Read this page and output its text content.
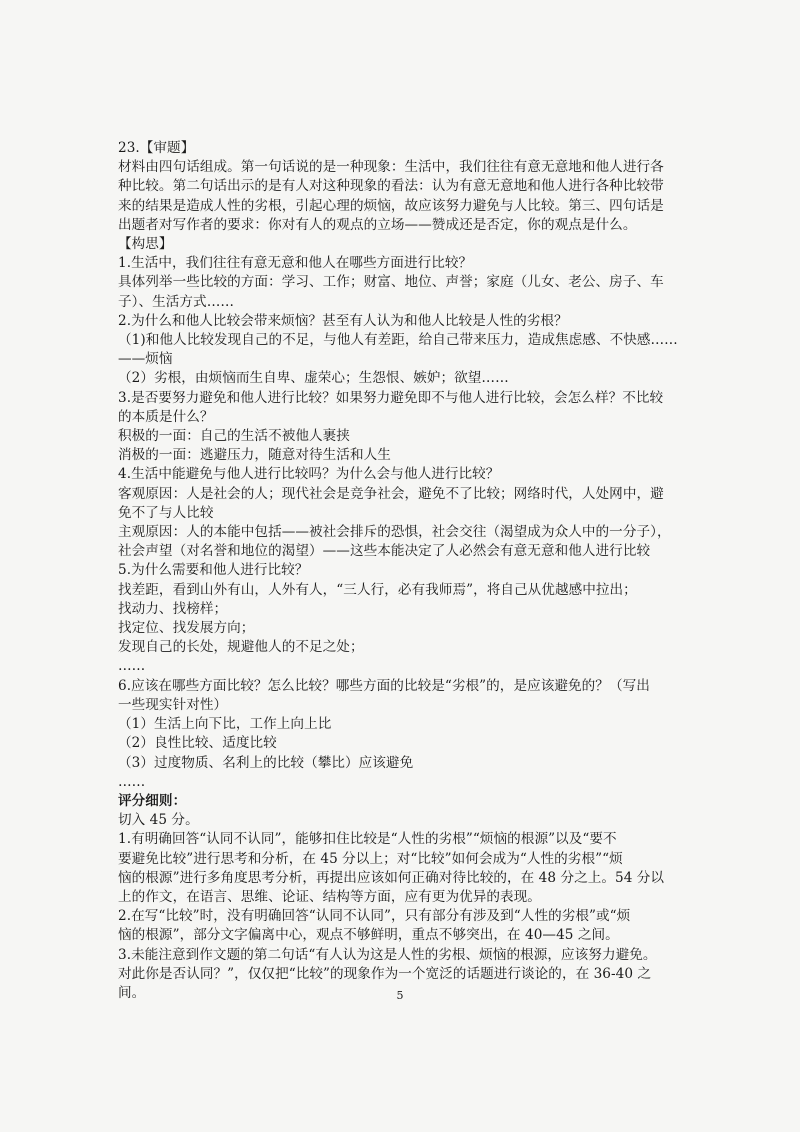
23.【审题】
材料由四句话组成。第一句话说的是一种现象：生活中，我们往往有意无意地和他人进行各
种比较。第二句话出示的是有人对这种现象的看法：认为有意无意地和他人进行各种比较带
来的结果是造成人性的劣根，引起心理的烦恼，故应该努力避免与人比较。第三、四句话是
出题者对写作者的要求：你对有人的观点的立场——赞成还是否定，你的观点是什么。
【构思】
1.生活中，我们往往有意无意和他人在哪些方面进行比较？
具体列举一些比较的方面：学习、工作；财富、地位、声誉；家庭（儿女、老公、房子、车
子）、生活方式……
2.为什么和他人比较会带来烦恼？甚至有人认为和他人比较是人性的劣根？
（1)和他人比较发现自己的不足，与他人有差距，给自己带来压力，造成焦虑感、不快感……
——烦恼
（2）劣根，由烦恼而生自卑、虚荣心；生怨恨、嫉妒；欲望……
3.是否要努力避免和他人进行比较？如果努力避免即不与他人进行比较，会怎么样？不比较
的本质是什么？
积极的一面：自己的生活不被他人裹挟
消极的一面：逃避压力，随意对待生活和人生
4.生活中能避免与他人进行比较吗？为什么会与他人进行比较？
客观原因：人是社会的人；现代社会是竞争社会，避免不了比较；网络时代，人处网中，避
免不了与人比较
主观原因：人的本能中包括——被社会排斥的恐惧，社会交往（渴望成为众人中的一分子），
社会声望（对名誉和地位的渴望）——这些本能决定了人必然会有意无意和他人进行比较
5.为什么需要和他人进行比较？
找差距，看到山外有山，人外有人，“三人行，必有我师焉”，将自己从优越感中拉出；
找动力、找榜样；
找定位、找发展方向；
发现自己的长处，规避他人的不足之处；
……
6.应该在哪些方面比较？怎么比较？哪些方面的比较是“劣根”的，是应该避免的？（写出
一些现实针对性）
（1）生活上向下比，工作上向上比
（2）良性比较、适度比较
（3）过度物质、名利上的比较（攀比）应该避免
……
评分细则：
切入 45 分。
1.有明确回答“认同不认同”，能够扣住比较是“人性的劣根”“烦恼的根源”以及“要不
要避免比较”进行思考和分析，在 45 分以上；对“比较”如何会成为“人性的劣根”“烦
恼的根源”进行多角度思考分析，再提出应该如何正确对待比较的，在 48 分之上。54 分以
上的作文，在语言、思维、论证、结构等方面，应有更为优异的表现。
2.在写“比较”时，没有明确回答“认同不认同”，只有部分有涉及到“人性的劣根”或“烦
恼的根源”，部分文字偏离中心，观点不够鲜明，重点不够突出，在 40—45 之间。
3.未能注意到作文题的第二句话“有人认为这是人性的劣根、烦恼的根源，应该努力避免。
对此你是否认同？”，仅仅把“比较”的现象作为一个宽泛的话题进行谈论的，在 36-40 之
间。	5
